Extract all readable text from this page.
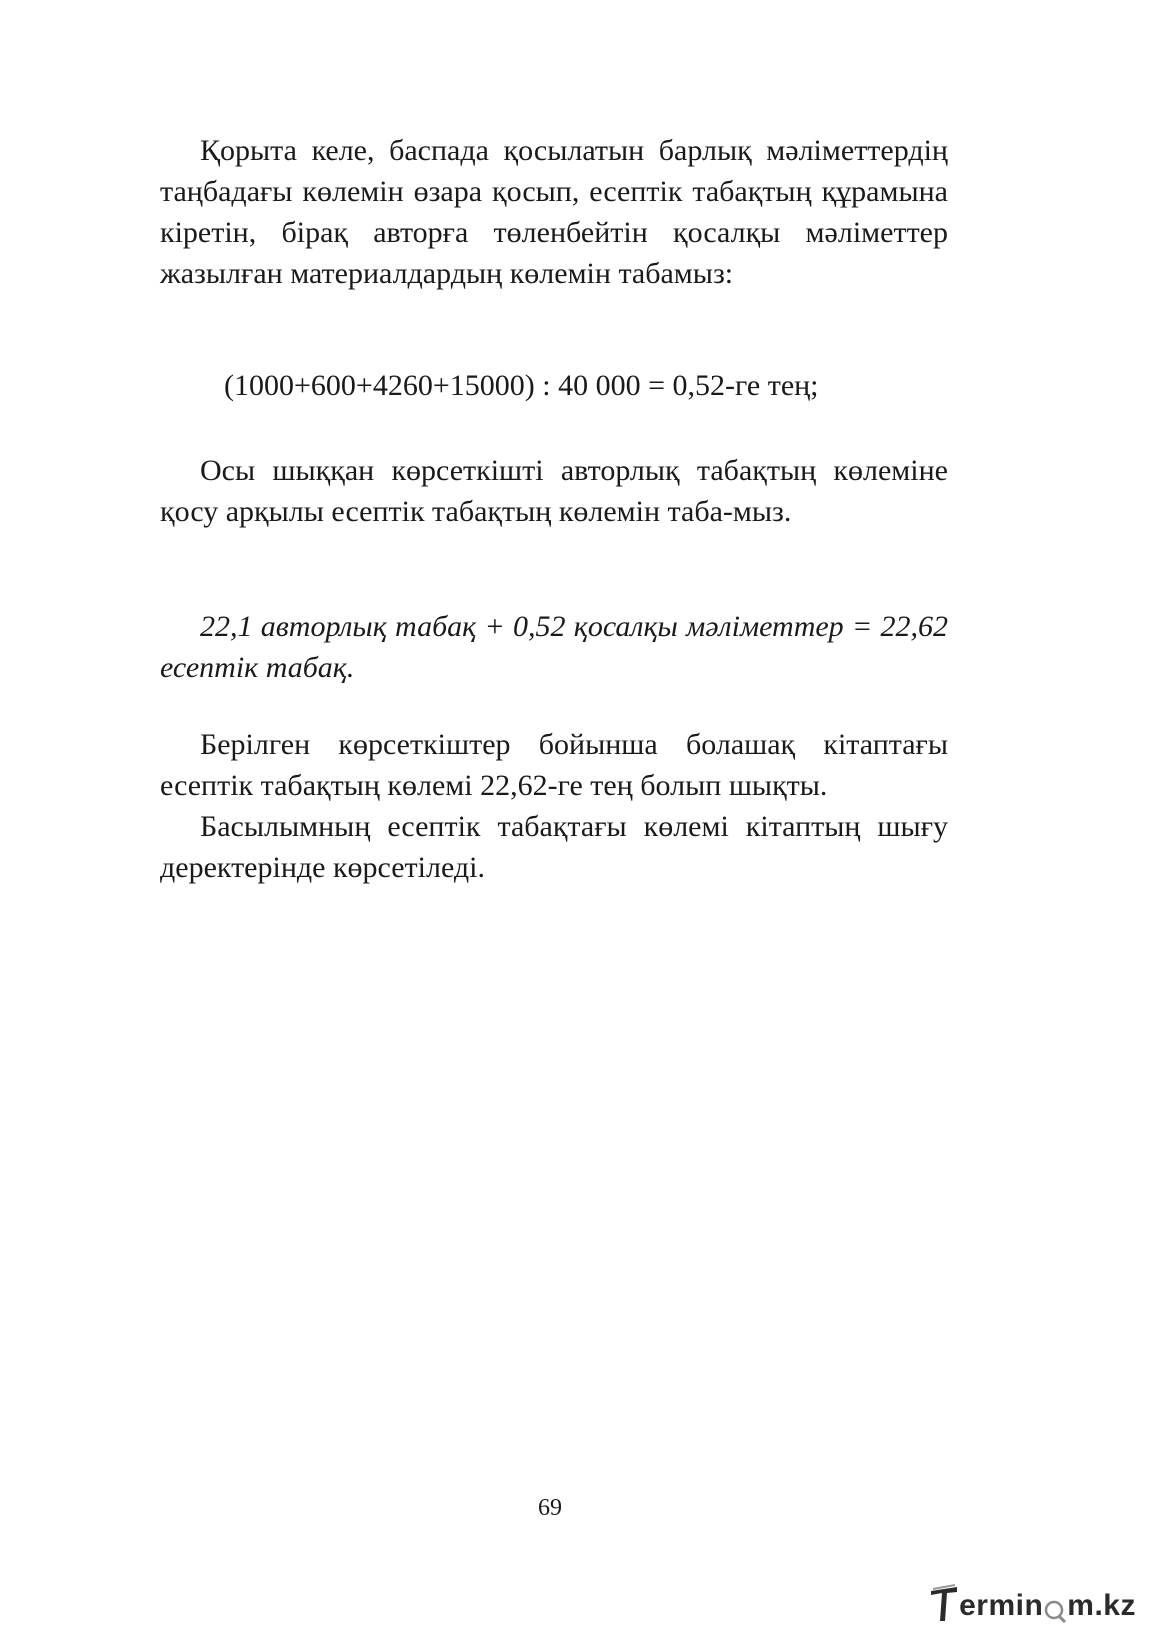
Қорыта келе, баспада қосылатын барлық мәліметтердің таңбадағы көлемін өзара қосып, есептік табақтың құрамына кіретін, бірақ авторға төленбейтін қосалқы мәліметтер жазылған материалдардың көлемін табамыз:

(1000+600+4260+15000) : 40 000 = 0,52-ге тең;

Осы шыққан көрсеткішті авторлық табақтың көлеміне қосу арқылы есептік табақтың көлемін таба-мыз.

22,1 авторлық табақ + 0,52 қосалқы мәліметтер = 22,62 есептік табақ.

Берілген көрсеткіштер бойынша болашақ кітаптағы есептік табақтың көлемі 22,62-ге тең болып шықты.

Басылымның есептік табақтағы көлемі кітаптың шығу деректерінде көрсетіледі.

69
ermin m.kz
